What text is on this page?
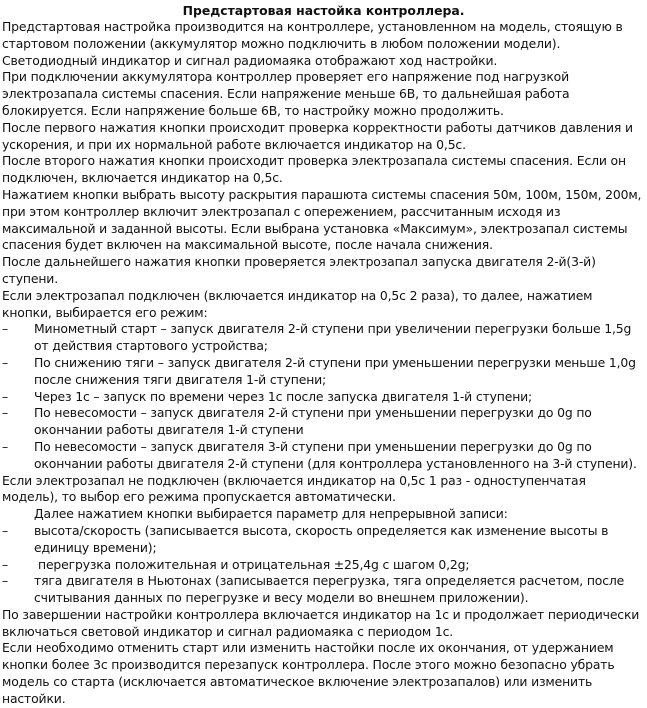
Предстартовая настойка контроллера.

Предстартовая настройка производится на контроллере, установленном на модель, стоящую в стартовом положении (аккумулятор можно подключить в любом положении модели). Светодиодный индикатор и сигнал радиомаяка отображают ход настройки.

При подключении аккумулятора контроллер проверяет его напряжение под нагрузкой электрозапала системы спасения. Если напряжение меньше 6В, то дальнейшая работа блокируется. Если напряжение больше 6В, то настройку можно продолжить.

После первого нажатия кнопки происходит проверка корректности работы датчиков давления и ускорения, и при их нормальной работе включается индикатор на 0,5с.

После второго нажатия кнопки происходит проверка электрозапала системы спасения. Если он подключен, включается индикатор на 0,5с.

Нажатием кнопки выбрать высоту раскрытия парашюта системы спасения 50м, 100м, 150м, 200м, при этом контроллер включит электрозапал с опережением, рассчитанным исходя из максимальной и заданной высоты. Если выбрана установка «Максимум», электрозапал системы спасения будет включен на максимальной высоте, после начала снижения.

После дальнейшего нажатия кнопки проверяется электрозапал запуска двигателя 2-й(3-й) ступени.

Если электрозапал подключен (включается индикатор на 0,5с 2 раза), то далее, нажатием кнопки, выбирается его режим:

– Минометный старт – запуск двигателя 2-й ступени при увеличении перегрузки больше 1,5g от действия стартового устройства;
– По снижению тяги – запуск двигателя 2-й ступени при уменьшении перегрузки меньше 1,0g после снижения тяги двигателя 1-й ступени;
– Через 1с – запуск по времени через 1с после запуска двигателя 1-й ступени;
– По невесомости – запуск двигателя 2-й ступени при уменьшении перегрузки до 0g по окончании работы двигателя 1-й ступени
– По невесомости – запуск двигателя 3-й ступени при уменьшении перегрузки до 0g по окончании работы двигателя 2-й ступени (для контроллера установленного на 3-й ступени).

Если электрозапал не подключен (включается индикатор на 0,5с 1 раз - одноступенчатая модель), то выбор его режима пропускается автоматически.

Далее нажатием кнопки выбирается параметр для непрерывной записи:

– высота/скорость (записывается высота, скорость определяется как изменение высоты в единицу времени);
– перегрузка положительная и отрицательная ±25,4g с шагом 0,2g;
– тяга двигателя в Ньютонах (записывается перегрузка, тяга определяется расчетом, после считывания данных по перегрузке и весу модели во внешнем приложении).

По завершении настройки контроллера включается индикатор на 1с и продолжает периодически включаться световой индикатор и сигнал радиомаяка с периодом 1с.

Если необходимо отменить старт или изменить настойки после их окончания, от удержанием кнопки более 3с производится перезапуск контроллера. После этого можно безопасно убрать модель со старта (исключается автоматическое включение электрозапалов) или изменить настойки.
